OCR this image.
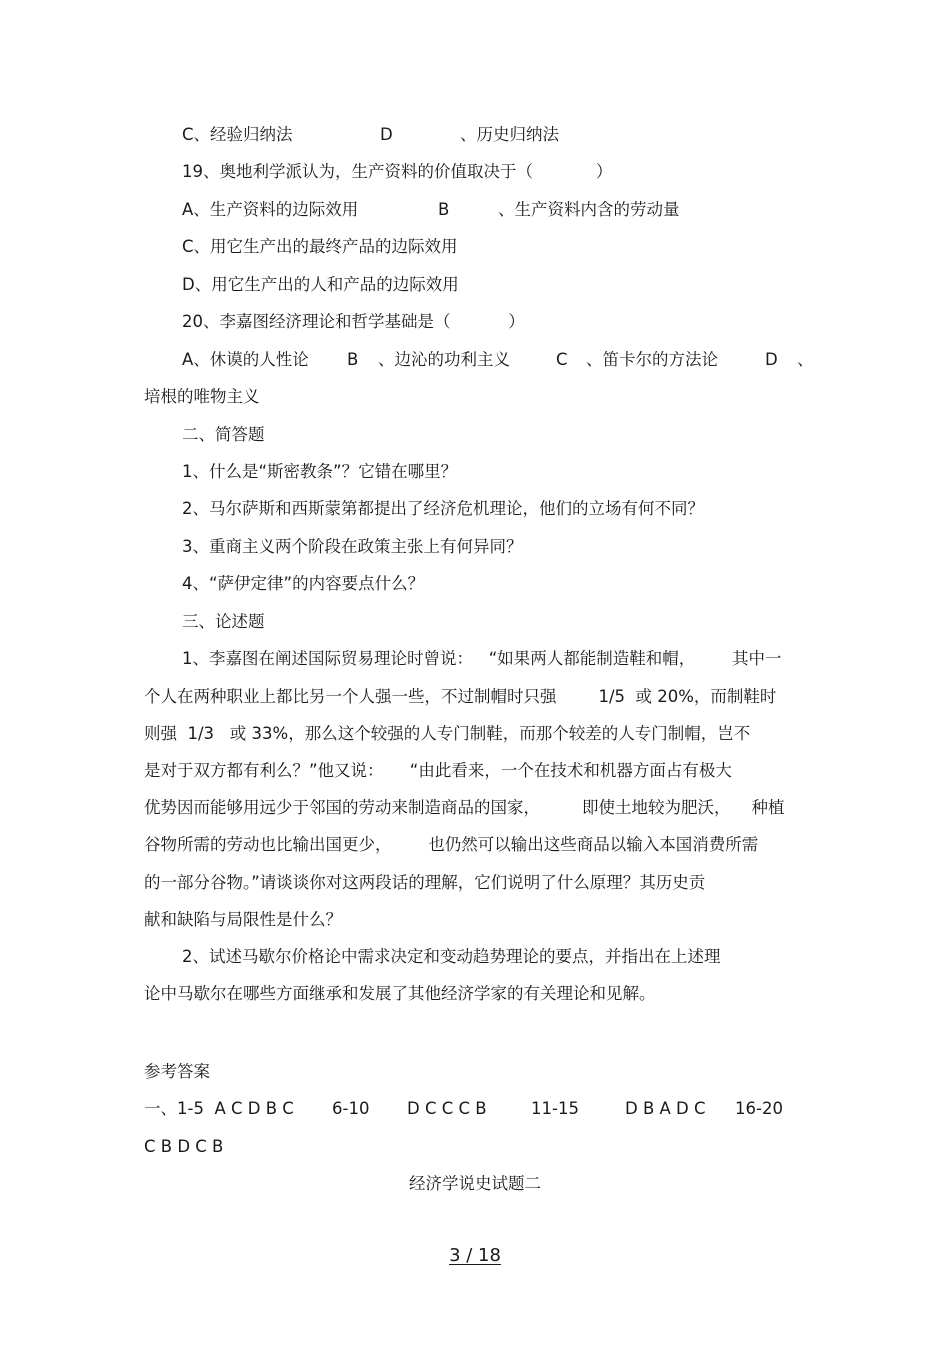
C、经验归纳法	D	、历史归纳法
19、奥地利学派认为，生产资料的价值取决于（            ）
A、生产资料的边际效用	B	、生产资料内含的劳动量
C、用它生产出的最终产品的边际效用
D、用它生产出的人和产品的边际效用
20、李嘉图经济理论和哲学基础是（           ）
A、休谟的人性论 B 、边沁的功利主义	C 、笛卡尔的方法论	D 、
培根的唯物主义
二、简答题
1、什么是“斯密教条”？它错在哪里？
2、马尔萨斯和西斯蒙第都提出了经济危机理论，他们的立场有何不同？
3、重商主义两个阶段在政策主张上有何异同？
4、“萨伊定律”的内容要点什么？
三、论述题
1、李嘉图在阐述国际贸易理论时曾说：   “如果两人都能制造鞋和帽，       其中一
个人在两种职业上都比另一个人强一些，不过制帽时只强        1/5  或 20%，而制鞋时
则强  1/3   或 33%，那么这个较强的人专门制鞋，而那个较差的人专门制帽，岂不
是对于双方都有利么？”他又说：     “由此看来，一个在技术和机器方面占有极大
优势因而能够用远少于邻国的劳动来制造商品的国家，        即使土地较为肥沃，    种植
谷物所需的劳动也比输出国更少，       也仍然可以输出这些商品以输入本国消费所需
的一部分谷物。”请谈谈你对这两段话的理解，它们说明了什么原理？其历史贡
献和缺陷与局限性是什么？
2、试述马歇尔价格论中需求决定和变动趋势理论的要点，并指出在上述理
论中马歇尔在哪些方面继承和发展了其他经济学家的有关理论和见解。
参考答案
一、1-5  A C D B C 6-10 D C C C B	11-15	D B A D C 16-20
C B D C B
经济学说史试题二
3 / 18
